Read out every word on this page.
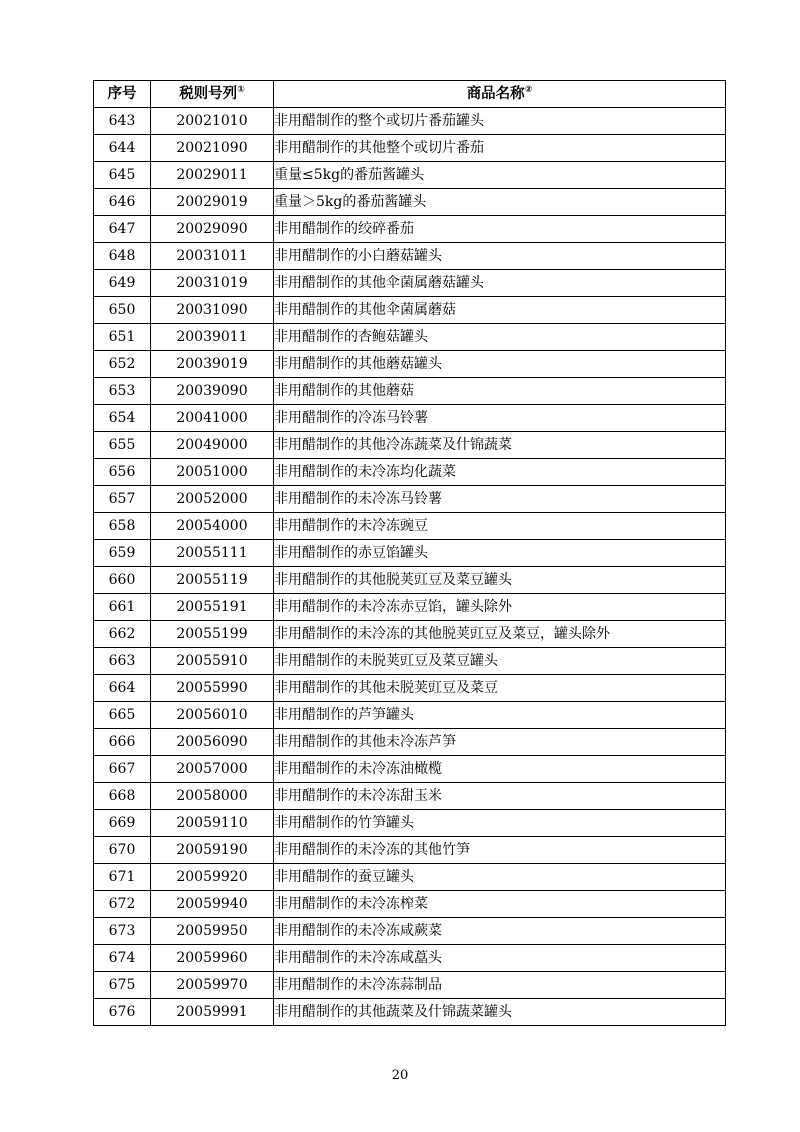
序号	税则号列①	商品名称②
643	20021010	非用醋制作的整个或切片番茄罐头
644	20021090	非用醋制作的其他整个或切片番茄
645	20029011	重量≤5kg的番茄酱罐头
646	20029019	重量＞5kg的番茄酱罐头
647	20029090	非用醋制作的绞碎番茄
648	20031011	非用醋制作的小白蘑菇罐头
649	20031019	非用醋制作的其他伞菌属蘑菇罐头
650	20031090	非用醋制作的其他伞菌属蘑菇
651	20039011	非用醋制作的杏鲍菇罐头
652	20039019	非用醋制作的其他蘑菇罐头
653	20039090	非用醋制作的其他蘑菇
654	20041000	非用醋制作的冷冻马铃薯
655	20049000	非用醋制作的其他冷冻蔬菜及什锦蔬菜
656	20051000	非用醋制作的未冷冻均化蔬菜
657	20052000	非用醋制作的未冷冻马铃薯
658	20054000	非用醋制作的未冷冻豌豆
659	20055111	非用醋制作的赤豆馅罐头
660	20055119	非用醋制作的其他脱荚豇豆及菜豆罐头
661	20055191	非用醋制作的未冷冻赤豆馅，罐头除外
662	20055199	非用醋制作的未冷冻的其他脱荚豇豆及菜豆，罐头除外
663	20055910	非用醋制作的未脱荚豇豆及菜豆罐头
664	20055990	非用醋制作的其他未脱荚豇豆及菜豆
665	20056010	非用醋制作的芦笋罐头
666	20056090	非用醋制作的其他未冷冻芦笋
667	20057000	非用醋制作的未冷冻油橄榄
668	20058000	非用醋制作的未冷冻甜玉米
669	20059110	非用醋制作的竹笋罐头
670	20059190	非用醋制作的未冷冻的其他竹笋
671	20059920	非用醋制作的蚕豆罐头
672	20059940	非用醋制作的未冷冻榨菜
673	20059950	非用醋制作的未冷冻咸蕨菜
674	20059960	非用醋制作的未冷冻咸藠头
675	20059970	非用醋制作的未冷冻蒜制品
676	20059991	非用醋制作的其他蔬菜及什锦蔬菜罐头
20
